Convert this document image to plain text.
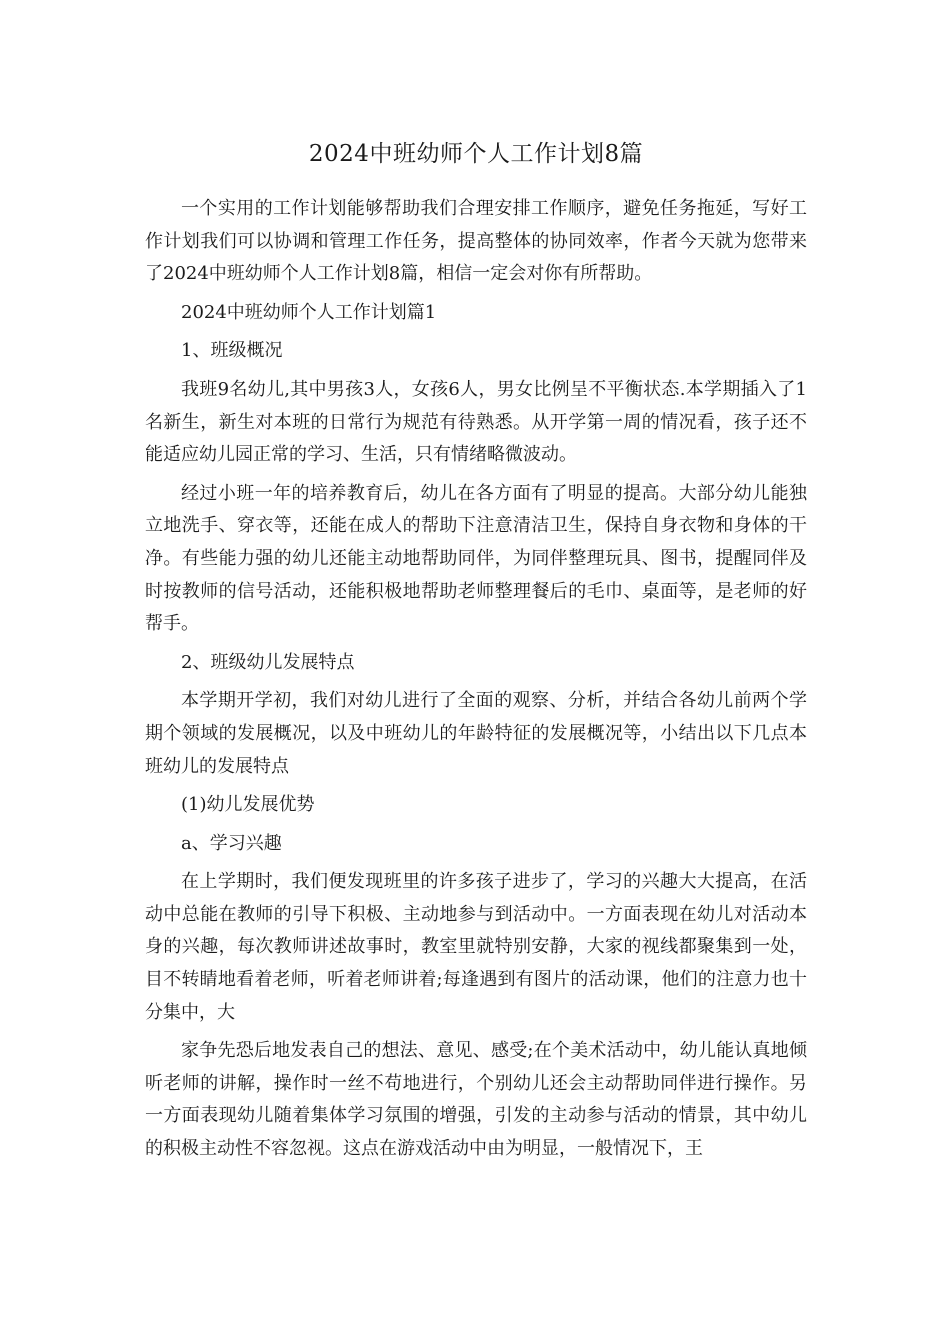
2024中班幼师个人工作计划8篇

一个实用的工作计划能够帮助我们合理安排工作顺序，避免任务拖延，写好工作计划我们可以协调和管理工作任务，提高整体的协同效率，作者今天就为您带来了2024中班幼师个人工作计划8篇，相信一定会对你有所帮助。

2024中班幼师个人工作计划篇1

1、班级概况

我班9名幼儿,其中男孩3人，女孩6人，男女比例呈不平衡状态.本学期插入了1名新生，新生对本班的日常行为规范有待熟悉。从开学第一周的情况看，孩子还不能适应幼儿园正常的学习、生活，只有情绪略微波动。

经过小班一年的培养教育后，幼儿在各方面有了明显的提高。大部分幼儿能独立地洗手、穿衣等，还能在成人的帮助下注意清洁卫生，保持自身衣物和身体的干净。有些能力强的幼儿还能主动地帮助同伴，为同伴整理玩具、图书，提醒同伴及时按教师的信号活动，还能积极地帮助老师整理餐后的毛巾、桌面等，是老师的好帮手。

2、班级幼儿发展特点

本学期开学初，我们对幼儿进行了全面的观察、分析，并结合各幼儿前两个学期个领域的发展概况，以及中班幼儿的年龄特征的发展概况等，小结出以下几点本班幼儿的发展特点

(1)幼儿发展优势

a、学习兴趣

在上学期时，我们便发现班里的许多孩子进步了，学习的兴趣大大提高，在活动中总能在教师的引导下积极、主动地参与到活动中。一方面表现在幼儿对活动本身的兴趣，每次教师讲述故事时，教室里就特别安静，大家的视线都聚集到一处，目不转睛地看着老师，听着老师讲着;每逢遇到有图片的活动课，他们的注意力也十分集中，大

家争先恐后地发表自己的想法、意见、感受;在个美术活动中，幼儿能认真地倾听老师的讲解，操作时一丝不苟地进行，个别幼儿还会主动帮助同伴进行操作。另一方面表现幼儿随着集体学习氛围的增强，引发的主动参与活动的情景，其中幼儿的积极主动性不容忽视。这点在游戏活动中由为明显，一般情况下，王
